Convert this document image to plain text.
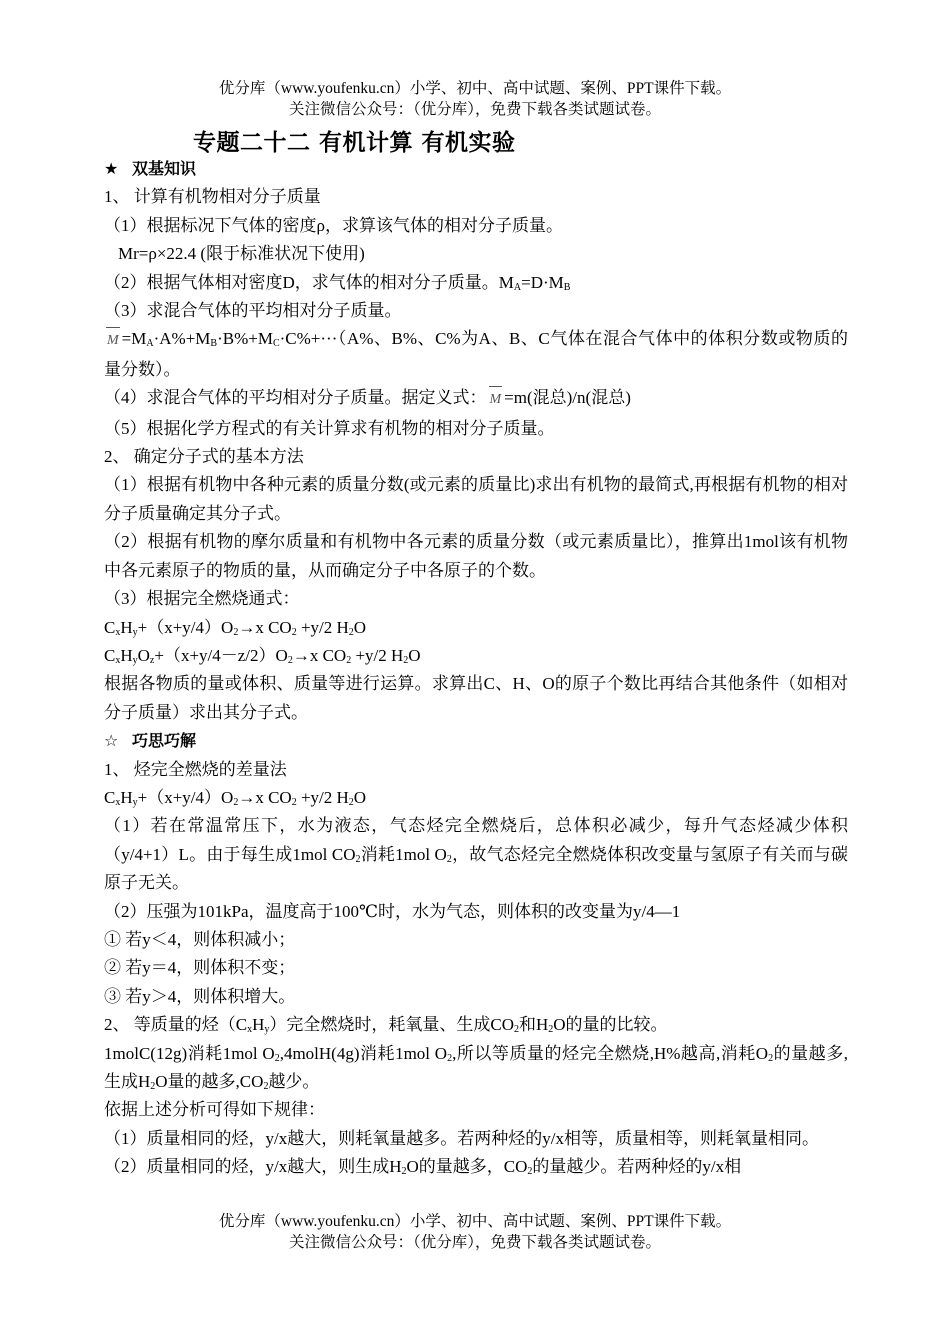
优分库（www.youfenku.cn）小学、初中、高中试题、案例、PPT课件下载。
关注微信公众号：（优分库），免费下载各类试题试卷。
专题二十二 有机计算 有机实验

★ 双基知识

1、 计算有机物相对分子质量

（1）根据标况下气体的密度ρ，求算该气体的相对分子质量。

Mr=ρ×22.4 (限于标准状况下使用)

（2）根据气体相对密度D，求气体的相对分子质量。$M_A=D\cdot M_B$

（3）求混合气体的平均相对分子质量。

$M =M_A\cdot A\%+M_B\cdot B\%+M_C\cdot C\%+\cdot\cdot\cdot(A\%$、B%、C%为A、B、C气体在混合气体中的体积分数或物质的量分数）。

（4）求混合气体的平均相对分子质量。据定义式： M =m(混总)/n(混总)

（5）根据化学方程式的有关计算求有机物的相对分子质量。

2、 确定分子式的基本方法

（1）根据有机物中各种元素的质量分数(或元素的质量比)求出有机物的最简式,再根据有机物的相对分子质量确定其分子式。

（2）根据有机物的摩尔质量和有机物中各元素的质量分数（或元素质量比），推算出1mol该有机物中各元素原子的物质的量，从而确定分子中各原子的个数。

（3）根据完全燃烧通式：

$C_xH_y+(x+y/4)O_2\to x$ $CO_2 +y/2$ $H_2O$

$C_xH_yO_z+(x+y/4-z/2)O_2\to x$ $CO_2 +y/2$ $H_2O$

根据各物质的量或体积、质量等进行运算。求算出C、H、O的原子个数比再结合其他条件（如相对分子质量）求出其分子式。

☆ 巧思巧解

1、 烃完全燃烧的差量法

$C_xH_y+(x+y/4)O_2\to x$ $CO_2 +y/2$ $H_2O$

（1）若在常温常压下，水为液态，气态烃完全燃烧后，总体积必减少，每升气态烃减少体积（y/4+1）L。由于每生成1mol $CO_2$消耗1mol $O_2$，故气态烃完全燃烧体积改变量与氢原子有关而与碳原子无关。

（2）压强为101kPa，温度高于100℃时，水为气态，则体积的改变量为y/4—1

① 若y＜4，则体积减小；

② 若y＝4，则体积不变；

③ 若y＞4，则体积增大。

2、 等质量的烃$(C_xH_y)$完全燃烧时，耗氧量、生成$CO_2$和$H_2O$的量的比较。

1molC(12g)消耗1mol $O_2,4molH(4g)$消耗1mol $O_2$,所以等质量的烃完全燃烧,H%越高,消耗$O_2$的量越多,生成$H_2O$量的越多$,CO_2$越少。

依据上述分析可得如下规律：

（1）质量相同的烃，y/x越大，则耗氧量越多。若两种烃的y/x相等，质量相等，则耗氧量相同。

（2）质量相同的烃，y/x越大，则生成$H_2O$的量越多，$CO_2$的量越少。若两种烃的y/x相

优分库（www.youfenku.cn）小学、初中、高中试题、案例、PPT课件下载。
关注微信公众号：（优分库），免费下载各类试题试卷。
